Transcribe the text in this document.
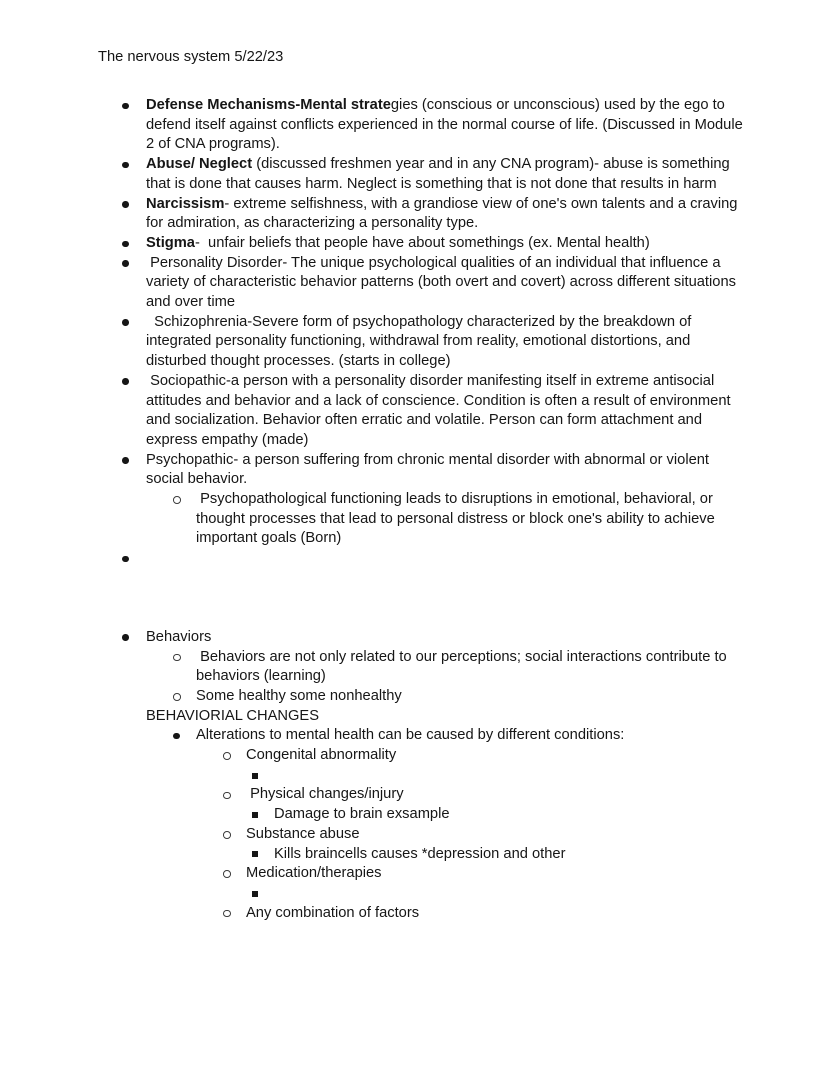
The nervous system 5/22/23
Defense Mechanisms-Mental strategies (conscious or unconscious) used by the ego to defend itself against conflicts experienced in the normal course of life. (Discussed in Module 2 of CNA programs).
Abuse/ Neglect (discussed freshmen year and in any CNA program)- abuse is something that is done that causes harm. Neglect is something that is not done that results in harm
Narcissism- extreme selfishness, with a grandiose view of one's own talents and a craving for admiration, as characterizing a personality type.
Stigma-  unfair beliefs that people have about somethings (ex. Mental health)
Personality Disorder- The unique psychological qualities of an individual that influence a variety of characteristic behavior patterns (both overt and covert) across different situations and over time
Schizophrenia-Severe form of psychopathology characterized by the breakdown of integrated personality functioning, withdrawal from reality, emotional distortions, and disturbed thought processes. (starts in college)
Sociopathic-a person with a personality disorder manifesting itself in extreme antisocial attitudes and behavior and a lack of conscience. Condition is often a result of environment and socialization. Behavior often erratic and volatile. Person can form attachment and express empathy (made)
Psychopathic- a person suffering from chronic mental disorder with abnormal or violent social behavior.
Psychopathological functioning leads to disruptions in emotional, behavioral, or thought processes that lead to personal distress or block one's ability to achieve important goals (Born)
Behaviors
Behaviors are not only related to our perceptions; social interactions contribute to behaviors (learning)
Some healthy some nonhealthy
BEHAVIORIAL CHANGES
Alterations to mental health can be caused by different conditions:
Congenital abnormality
Physical changes/injury
Damage to brain exsample
Substance abuse
Kills braincells causes *depression and other
Medication/therapies
Any combination of factors
